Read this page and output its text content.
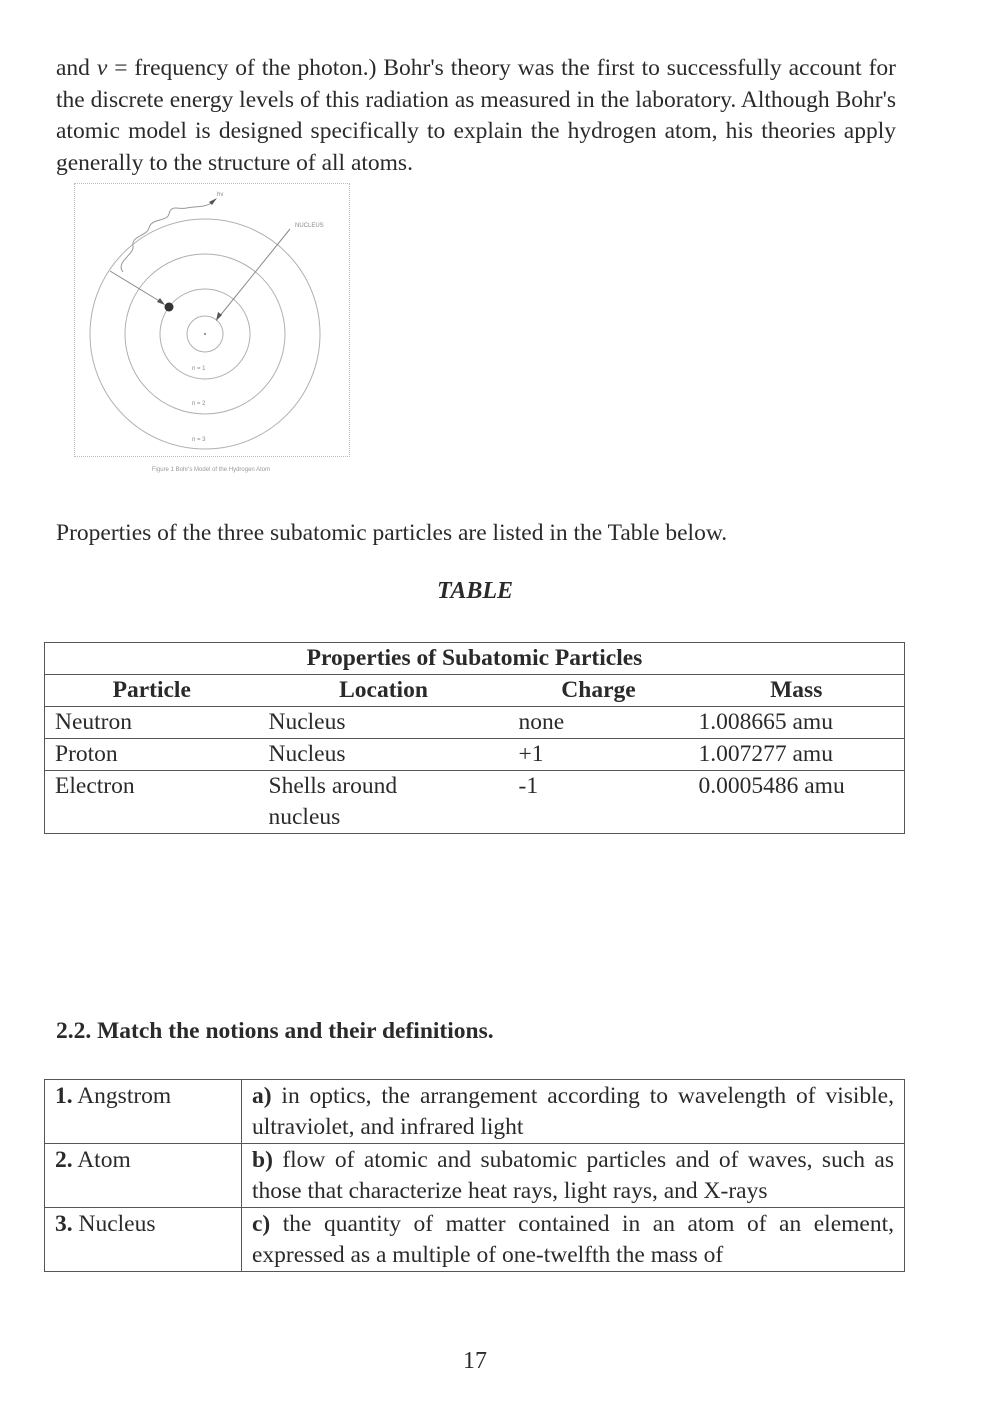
and v = frequency of the photon.) Bohr's theory was the first to successfully account for the discrete energy levels of this radiation as measured in the laboratory. Although Bohr's atomic model is designed specifically to explain the hydrogen atom, his theories apply generally to the structure of all atoms.
hv
NUCLEUS
n = 1
n = 2
n = 3
Figure 1 Bohr's Model of the Hydrogen Atom
Properties of the three subatomic particles are listed in the Table below.
TABLE
Properties of Subatomic Particles			
Particle	Location	Charge	Mass
Neutron	Nucleus	none	1.008665 amu
Proton	Nucleus	+1	1.007277 amu
Electron	Shells around nucleus	-1	0.0005486 amu
2.2. Match the notions and their definitions.
1. Angstrom	a) in optics, the arrangement according to wavelength of visible, ultraviolet, and infrared light
2. Atom	b) flow of atomic and subatomic particles and of waves, such as those that characterize heat rays, light rays, and X-rays
3. Nucleus	c) the quantity of matter contained in an atom of an element, expressed as a multiple of one-twelfth the mass of
17
